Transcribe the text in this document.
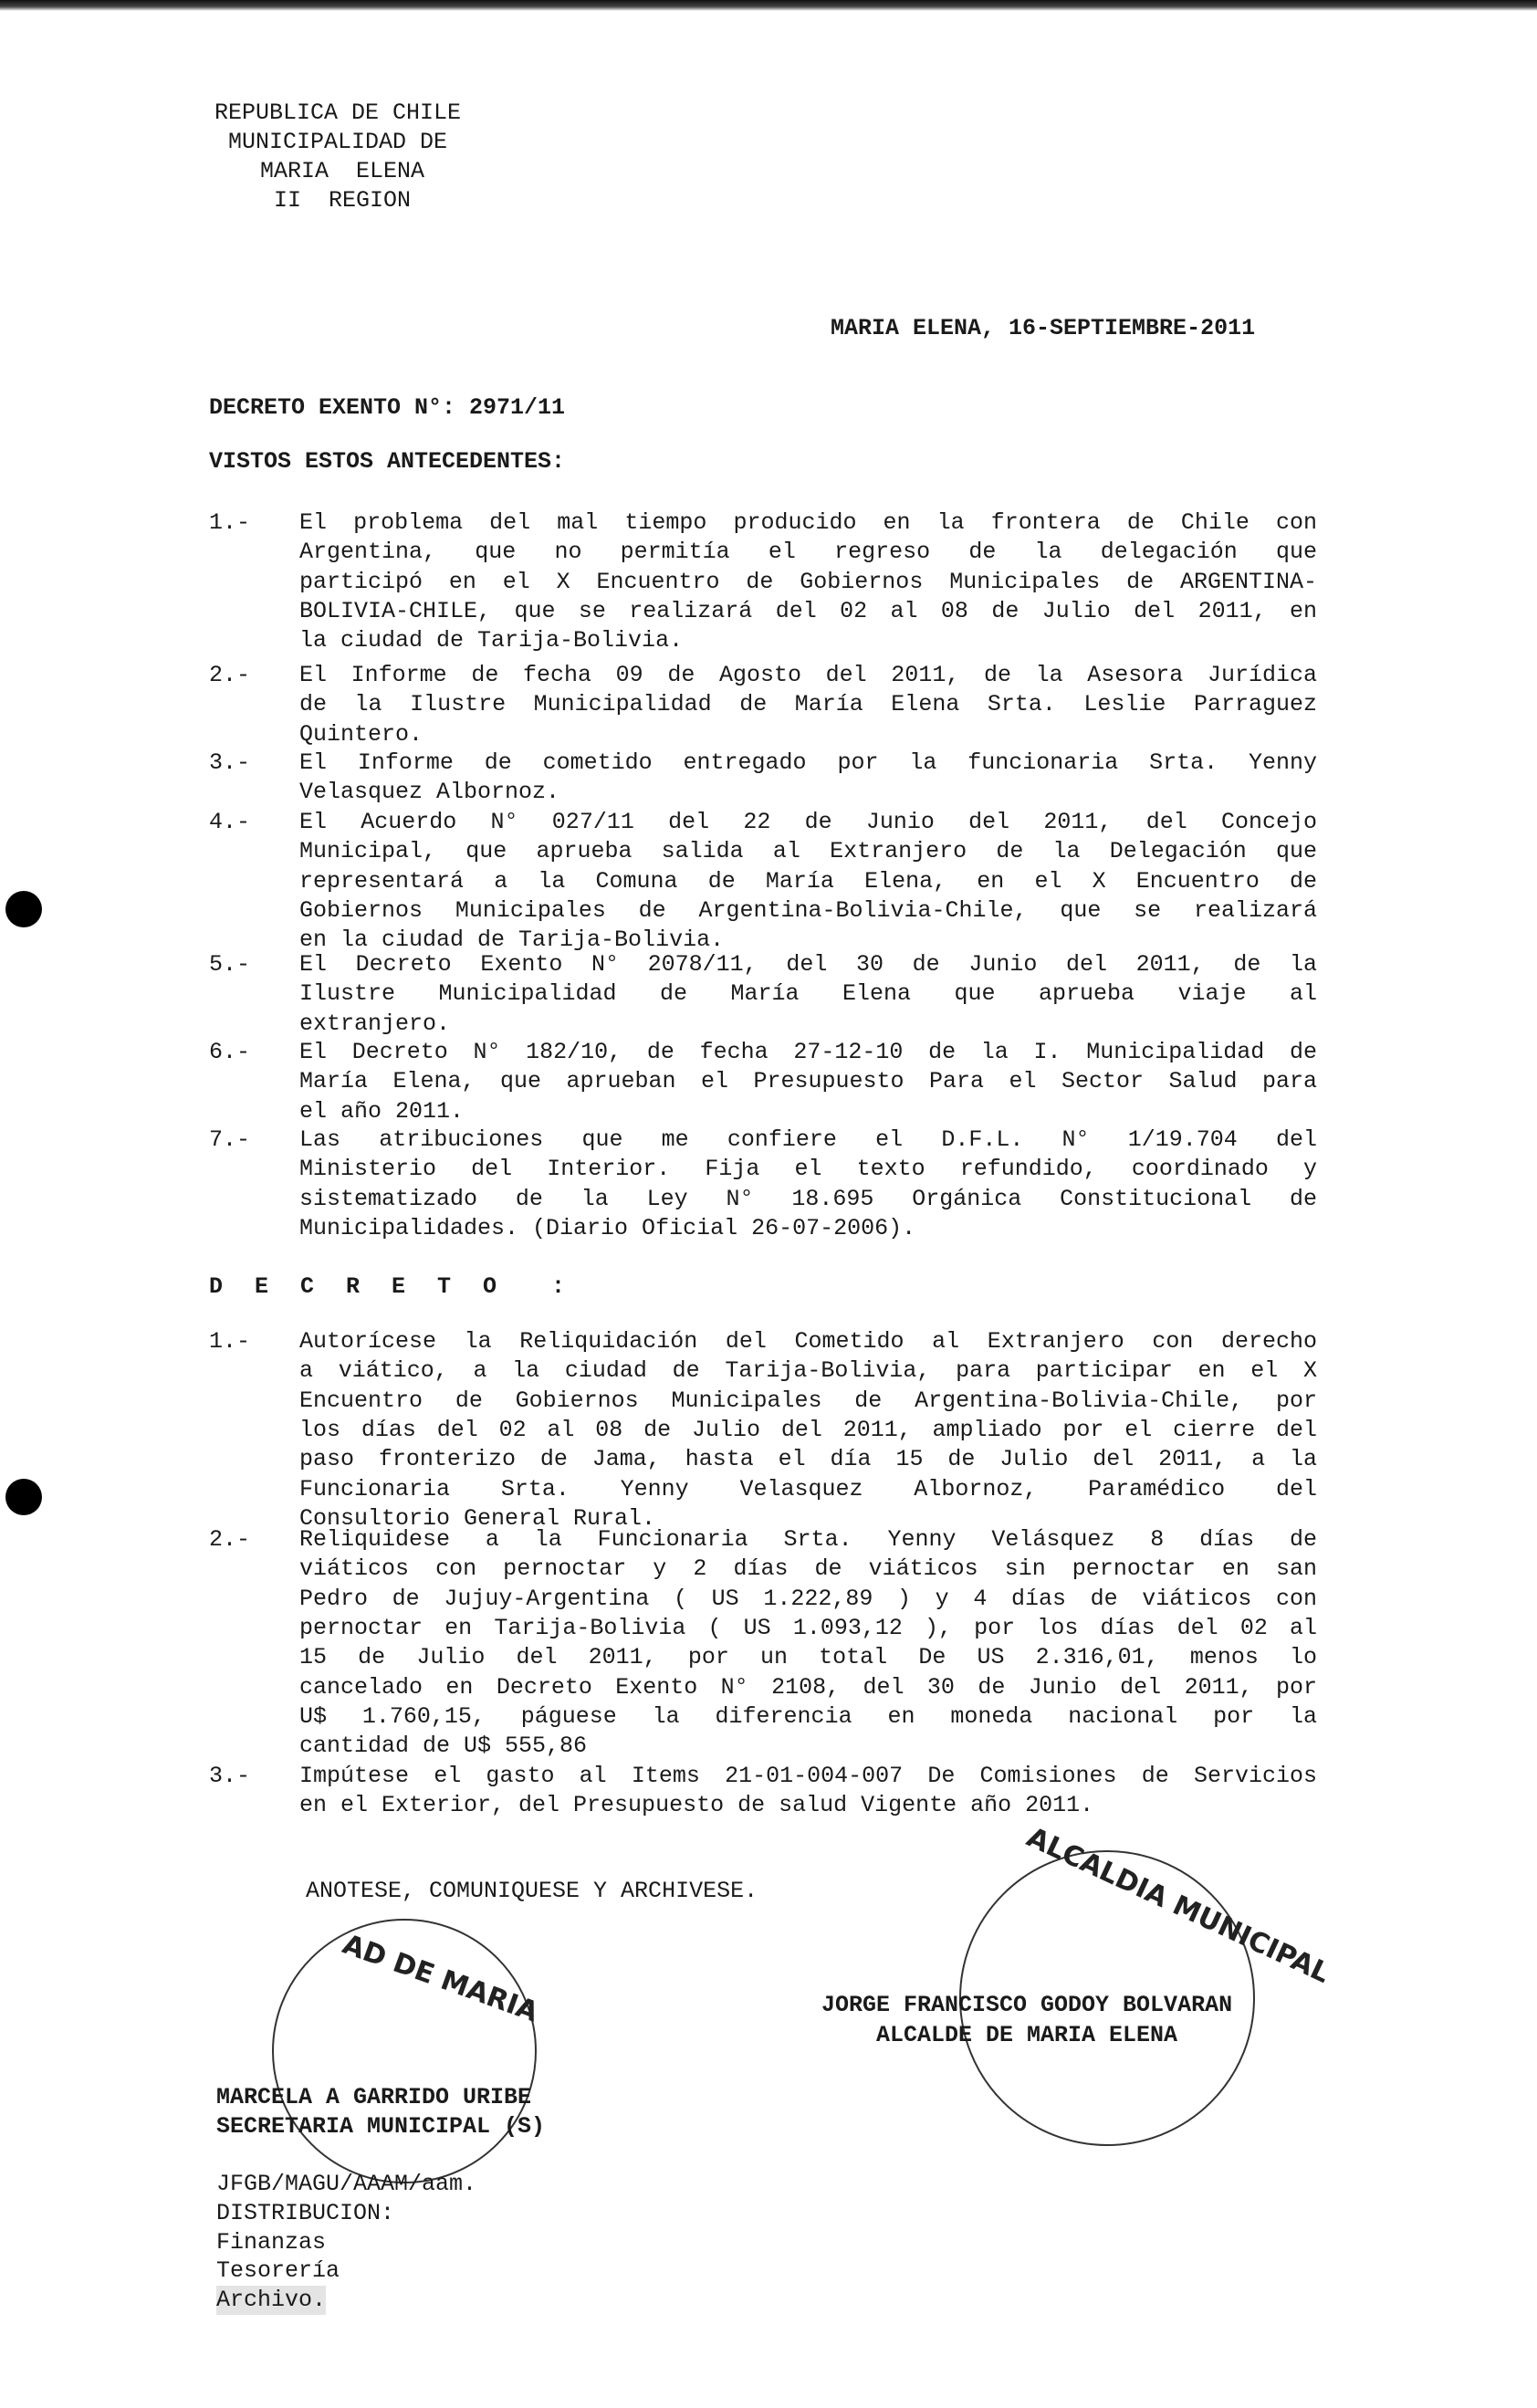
REPUBLICA DE CHILE
MUNICIPALIDAD DE
MARIA  ELENA
II  REGION
MARIA ELENA, 16-SEPTIEMBRE-2011
DECRETO EXENTO N°: 2971/11
VISTOS ESTOS ANTECEDENTES:
1.- El problema del mal tiempo producido en la frontera de Chile con
Argentina, que no permitía el regreso de la delegación que
participó en el X Encuentro de Gobiernos Municipales de ARGENTINA-
BOLIVIA-CHILE, que se realizará del 02 al 08 de Julio del 2011, en
la ciudad de Tarija-Bolivia.
2.- El Informe de fecha 09 de Agosto del 2011, de la Asesora Jurídica
de la Ilustre Municipalidad de María Elena Srta. Leslie Parraguez
Quintero.
3.- El Informe de cometido entregado por la funcionaria Srta. Yenny
Velasquez Albornoz.
4.- El Acuerdo N° 027/11 del 22 de Junio del 2011, del Concejo
Municipal, que aprueba salida al Extranjero de la Delegación que
representará a la Comuna de María Elena, en el X Encuentro de
Gobiernos Municipales de Argentina-Bolivia-Chile, que se realizará
en la ciudad de Tarija-Bolivia.
5.- El Decreto Exento N° 2078/11, del 30 de Junio del 2011, de la
Ilustre Municipalidad de María Elena que aprueba viaje al
extranjero.
6.- El Decreto N° 182/10, de fecha 27-12-10 de la I. Municipalidad de
María Elena, que aprueban el Presupuesto Para el Sector Salud para
el año 2011.
7.- Las atribuciones que me confiere el D.F.L. N° 1/19.704 del
Ministerio del Interior. Fija el texto refundido, coordinado y
sistematizado de la Ley N° 18.695 Orgánica Constitucional de
Municipalidades. (Diario Oficial 26-07-2006).
D E C R E T O  :
1.- Autorícese la Reliquidación del Cometido al Extranjero con derecho
a viático, a la ciudad de Tarija-Bolivia, para participar en el X
Encuentro de Gobiernos Municipales de Argentina-Bolivia-Chile, por
los días del 02 al 08 de Julio del 2011, ampliado por el cierre del
paso fronterizo de Jama, hasta el día 15 de Julio del 2011, a la
Funcionaria Srta. Yenny Velasquez Albornoz, Paramédico del
Consultorio General Rural.
2.- Reliquidese a la Funcionaria Srta. Yenny Velásquez 8 días de
viáticos con pernoctar y 2 días de viáticos sin pernoctar en san
Pedro de Jujuy-Argentina ( US 1.222,89 ) y 4 días de viáticos con
pernoctar en Tarija-Bolivia ( US 1.093,12 ), por los días del 02 al
15 de Julio del 2011, por un total De US 2.316,01, menos lo
cancelado en Decreto Exento N° 2108, del 30 de Junio del 2011, por
U$ 1.760,15, páguese la diferencia en moneda nacional por la
cantidad de U$ 555,86
3.- Impútese el gasto al Items 21-01-004-007 De Comisiones de Servicios
en el Exterior, del Presupuesto de salud Vigente año 2011.
ANOTESE, COMUNIQUESE Y ARCHIVESE.	ALCALDIA MUNICIPAL
AD DE MARIA	JORGE FRANCISCO GODOY BOLVARAN
ALCALDE DE MARIA ELENA
MARCELA A GARRIDO URIBE
SECRETARIA MUNICIPAL (S)
JFGB/MAGU/AAAM/aam.
DISTRIBUCION:
Finanzas
Tesorería
Archivo.
